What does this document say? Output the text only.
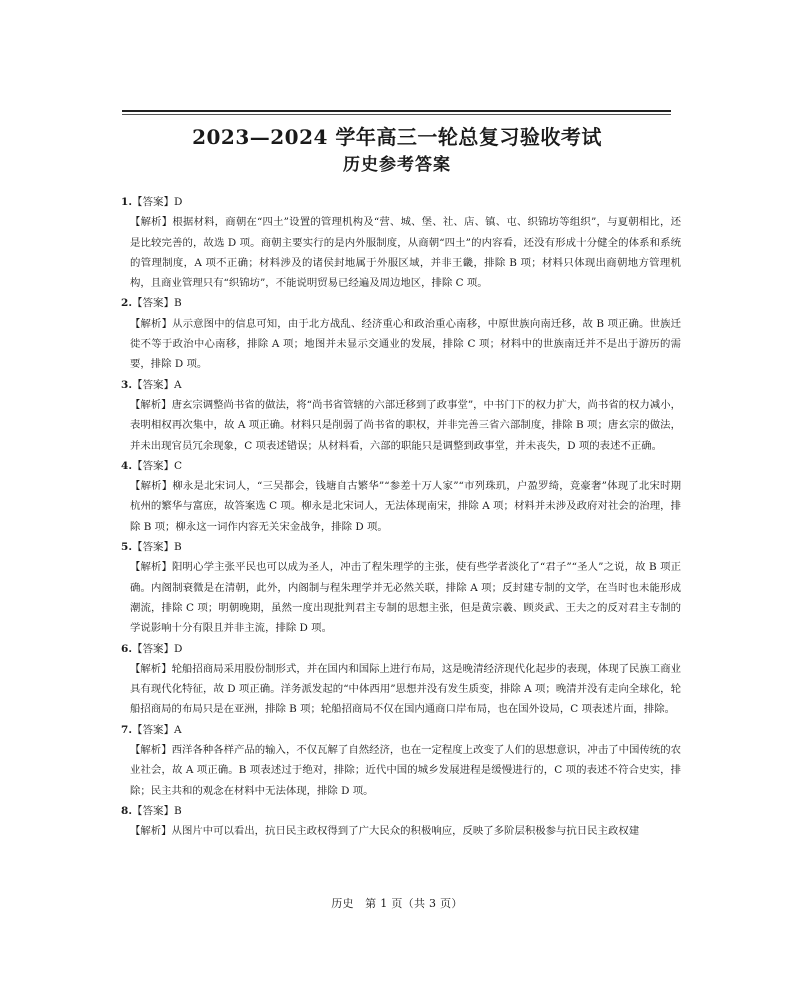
2023—2024 学年高三一轮总复习验收考试
历史参考答案
1.【答案】D
【解析】根据材料，商朝在“四土”设置的管理机构及“营、城、堡、社、店、镇、屯、织锦坊等组织”，与夏朝相比，还是比较完善的，故选 D 项。商朝主要实行的是内外服制度，从商朝“四土”的内容看，还没有形成十分健全的体系和系统的管理制度，A 项不正确；材料涉及的诸侯封地属于外服区域，并非王畿，排除 B 项；材料只体现出商朝地方管理机构，且商业管理只有“织锦坊”，不能说明贸易已经遍及周边地区，排除 C 项。
2.【答案】B
【解析】从示意图中的信息可知，由于北方战乱、经济重心和政治重心南移，中原世族向南迁移，故 B 项正确。世族迁徙不等于政治中心南移，排除 A 项；地图并未显示交通业的发展，排除 C 项；材料中的世族南迁并不是出于游历的需要，排除 D 项。
3.【答案】A
【解析】唐玄宗调整尚书省的做法，将“尚书省管辖的六部迁移到了政事堂”，中书门下的权力扩大，尚书省的权力减小，表明相权再次集中，故 A 项正确。材料只是削弱了尚书省的职权，并非完善三省六部制度，排除 B 项；唐玄宗的做法，并未出现官员冗余现象，C 项表述错误；从材料看，六部的职能只是调整到政事堂，并未丧失，D 项的表述不正确。
4.【答案】C
【解析】柳永是北宋词人，“三吴都会，钱塘自古繁华”“参差十万人家”“市列珠玑，户盈罗绮，竞豪奢”体现了北宋时期杭州的繁华与富庶，故答案选 C 项。柳永是北宋词人，无法体现南宋，排除 A 项；材料并未涉及政府对社会的治理，排除 B 项；柳永这一词作内容无关宋金战争，排除 D 项。
5.【答案】B
【解析】阳明心学主张平民也可以成为圣人，冲击了程朱理学的主张，使有些学者淡化了“君子”“圣人”之说，故 B 项正确。内阁制衰微是在清朝，此外，内阁制与程朱理学并无必然关联，排除 A 项；反封建专制的文学，在当时也未能形成潮流，排除 C 项；明朝晚期，虽然一度出现批判君主专制的思想主张，但是黄宗羲、顾炎武、王夫之的反对君主专制的学说影响十分有限且并非主流，排除 D 项。
6.【答案】D
【解析】轮船招商局采用股份制形式，并在国内和国际上进行布局，这是晚清经济现代化起步的表现，体现了民族工商业具有现代化特征，故 D 项正确。洋务派发起的“中体西用”思想并没有发生质变，排除 A 项；晚清并没有走向全球化，轮船招商局的布局只是在亚洲，排除 B 项；轮船招商局不仅在国内通商口岸布局，也在国外设局，C 项表述片面，排除。
7.【答案】A
【解析】西洋各种各样产品的输入，不仅瓦解了自然经济，也在一定程度上改变了人们的思想意识，冲击了中国传统的农业社会，故 A 项正确。B 项表述过于绝对，排除；近代中国的城乡发展进程是缓慢进行的，C 项的表述不符合史实，排除；民主共和的观念在材料中无法体现，排除 D 项。
8.【答案】B
【解析】从图片中可以看出，抗日民主政权得到了广大民众的积极响应，反映了多阶层积极参与抗日民主政权建
历史　第 1 页（共 3 页）
